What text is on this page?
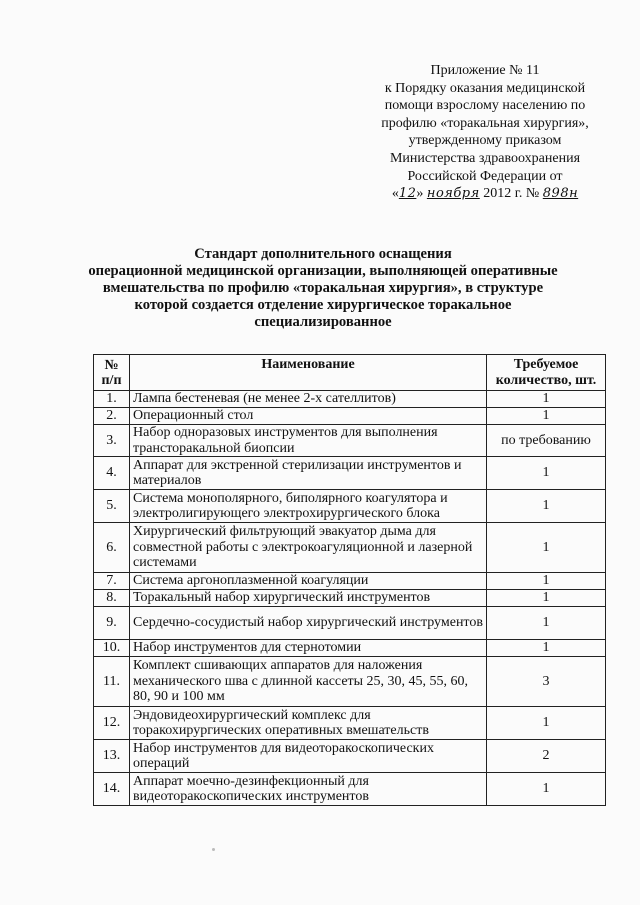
Приложение № 11
к Порядку оказания медицинской
помощи взрослому населению по
профилю «торакальная хирургия»,
утвержденному приказом
Министерства здравоохранения
Российской Федерации от
«12» ноября 2012 г. № 898н
Стандарт дополнительного оснащения
операционной медицинской организации, выполняющей оперативные
вмешательства по профилю «торакальная хирургия», в структуре
которой создается отделение хирургическое торакальное
специализированное
№ п/п	Наименование	Требуемое количество, шт.
1.	Лампа бестеневая (не менее 2-х сателлитов)	1
2.	Операционный стол	1
3.	Набор одноразовых инструментов для выполнения трансторакальной биопсии	по требованию
4.	Аппарат для экстренной стерилизации инструментов и материалов	1
5.	Система монополярного, биполярного коагулятора и электролигирующего электрохирургического блока	1
6.	Хирургический фильтрующий эвакуатор дыма для совместной работы с электрокоагуляционной и лазерной системами	1
7.	Система аргоноплазменной коагуляции	1
8.	Торакальный набор хирургический инструментов	1
9.	Сердечно-сосудистый набор хирургический инструментов	1
10.	Набор инструментов для стернотомии	1
11.	Комплект сшивающих аппаратов для наложения механического шва с длинной кассеты 25, 30, 45, 55, 60, 80, 90 и 100 мм	3
12.	Эндовидеохирургический комплекс для торакохирургических оперативных вмешательств	1
13.	Набор инструментов для видеоторакоскопических операций	2
14.	Аппарат моечно-дезинфекционный для видеоторакоскопических инструментов	1
